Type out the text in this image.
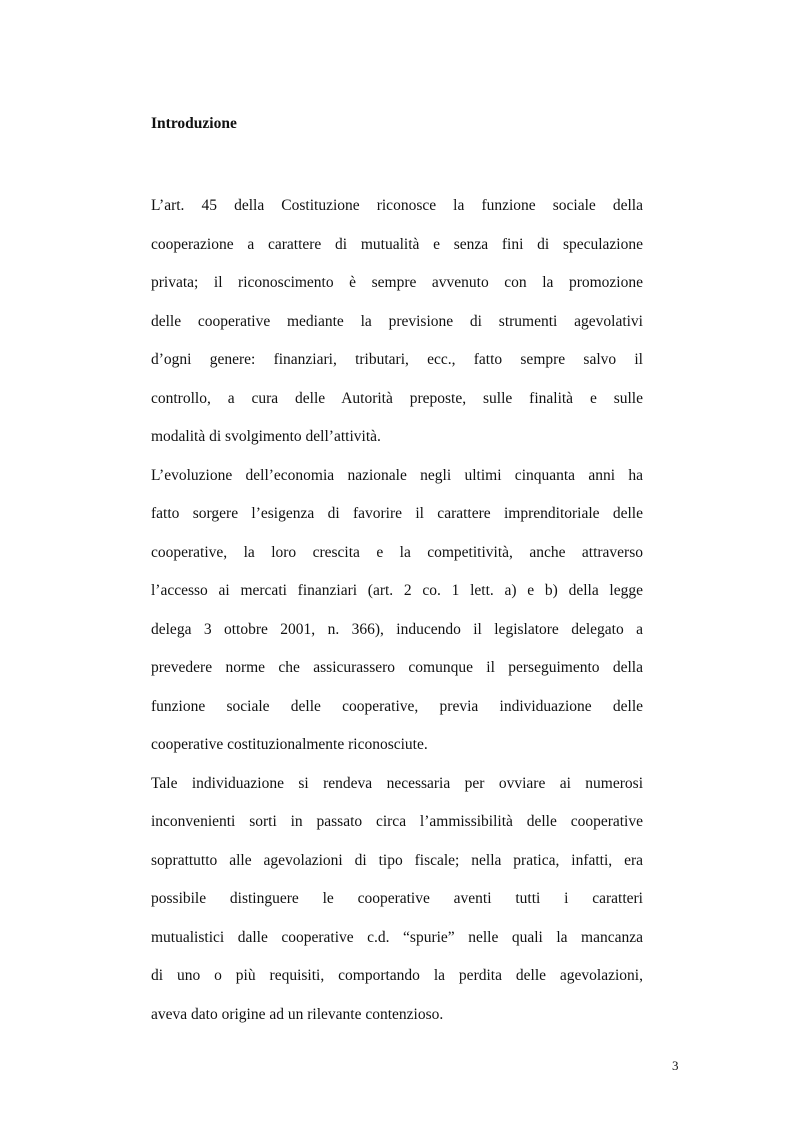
Introduzione

L’art. 45 della Costituzione riconosce la funzione sociale della
cooperazione a carattere di mutualità e senza fini di speculazione
privata; il riconoscimento è sempre avvenuto con la promozione
delle cooperative mediante la previsione di strumenti agevolativi
d’ogni genere: finanziari, tributari, ecc., fatto sempre salvo il
controllo, a cura delle Autorità preposte, sulle finalità e sulle
modalità di svolgimento dell’attività.

L’evoluzione dell’economia nazionale negli ultimi cinquanta anni ha
fatto sorgere l’esigenza di favorire il carattere imprenditoriale delle
cooperative, la loro crescita e la competitività, anche attraverso
l’accesso ai mercati finanziari (art. 2 co. 1 lett. a) e b) della legge
delega 3 ottobre 2001, n. 366), inducendo il legislatore delegato a
prevedere norme che assicurassero comunque il perseguimento della
funzione sociale delle cooperative, previa individuazione delle
cooperative costituzionalmente riconosciute.

Tale individuazione si rendeva necessaria per ovviare ai numerosi
inconvenienti sorti in passato circa l’ammissibilità delle cooperative
soprattutto alle agevolazioni di tipo fiscale; nella pratica, infatti, era
possibile distinguere le cooperative aventi tutti i caratteri
mutualistici dalle cooperative c.d. “spurie” nelle quali la mancanza
di uno o più requisiti, comportando la perdita delle agevolazioni,
aveva dato origine ad un rilevante contenzioso.

3
